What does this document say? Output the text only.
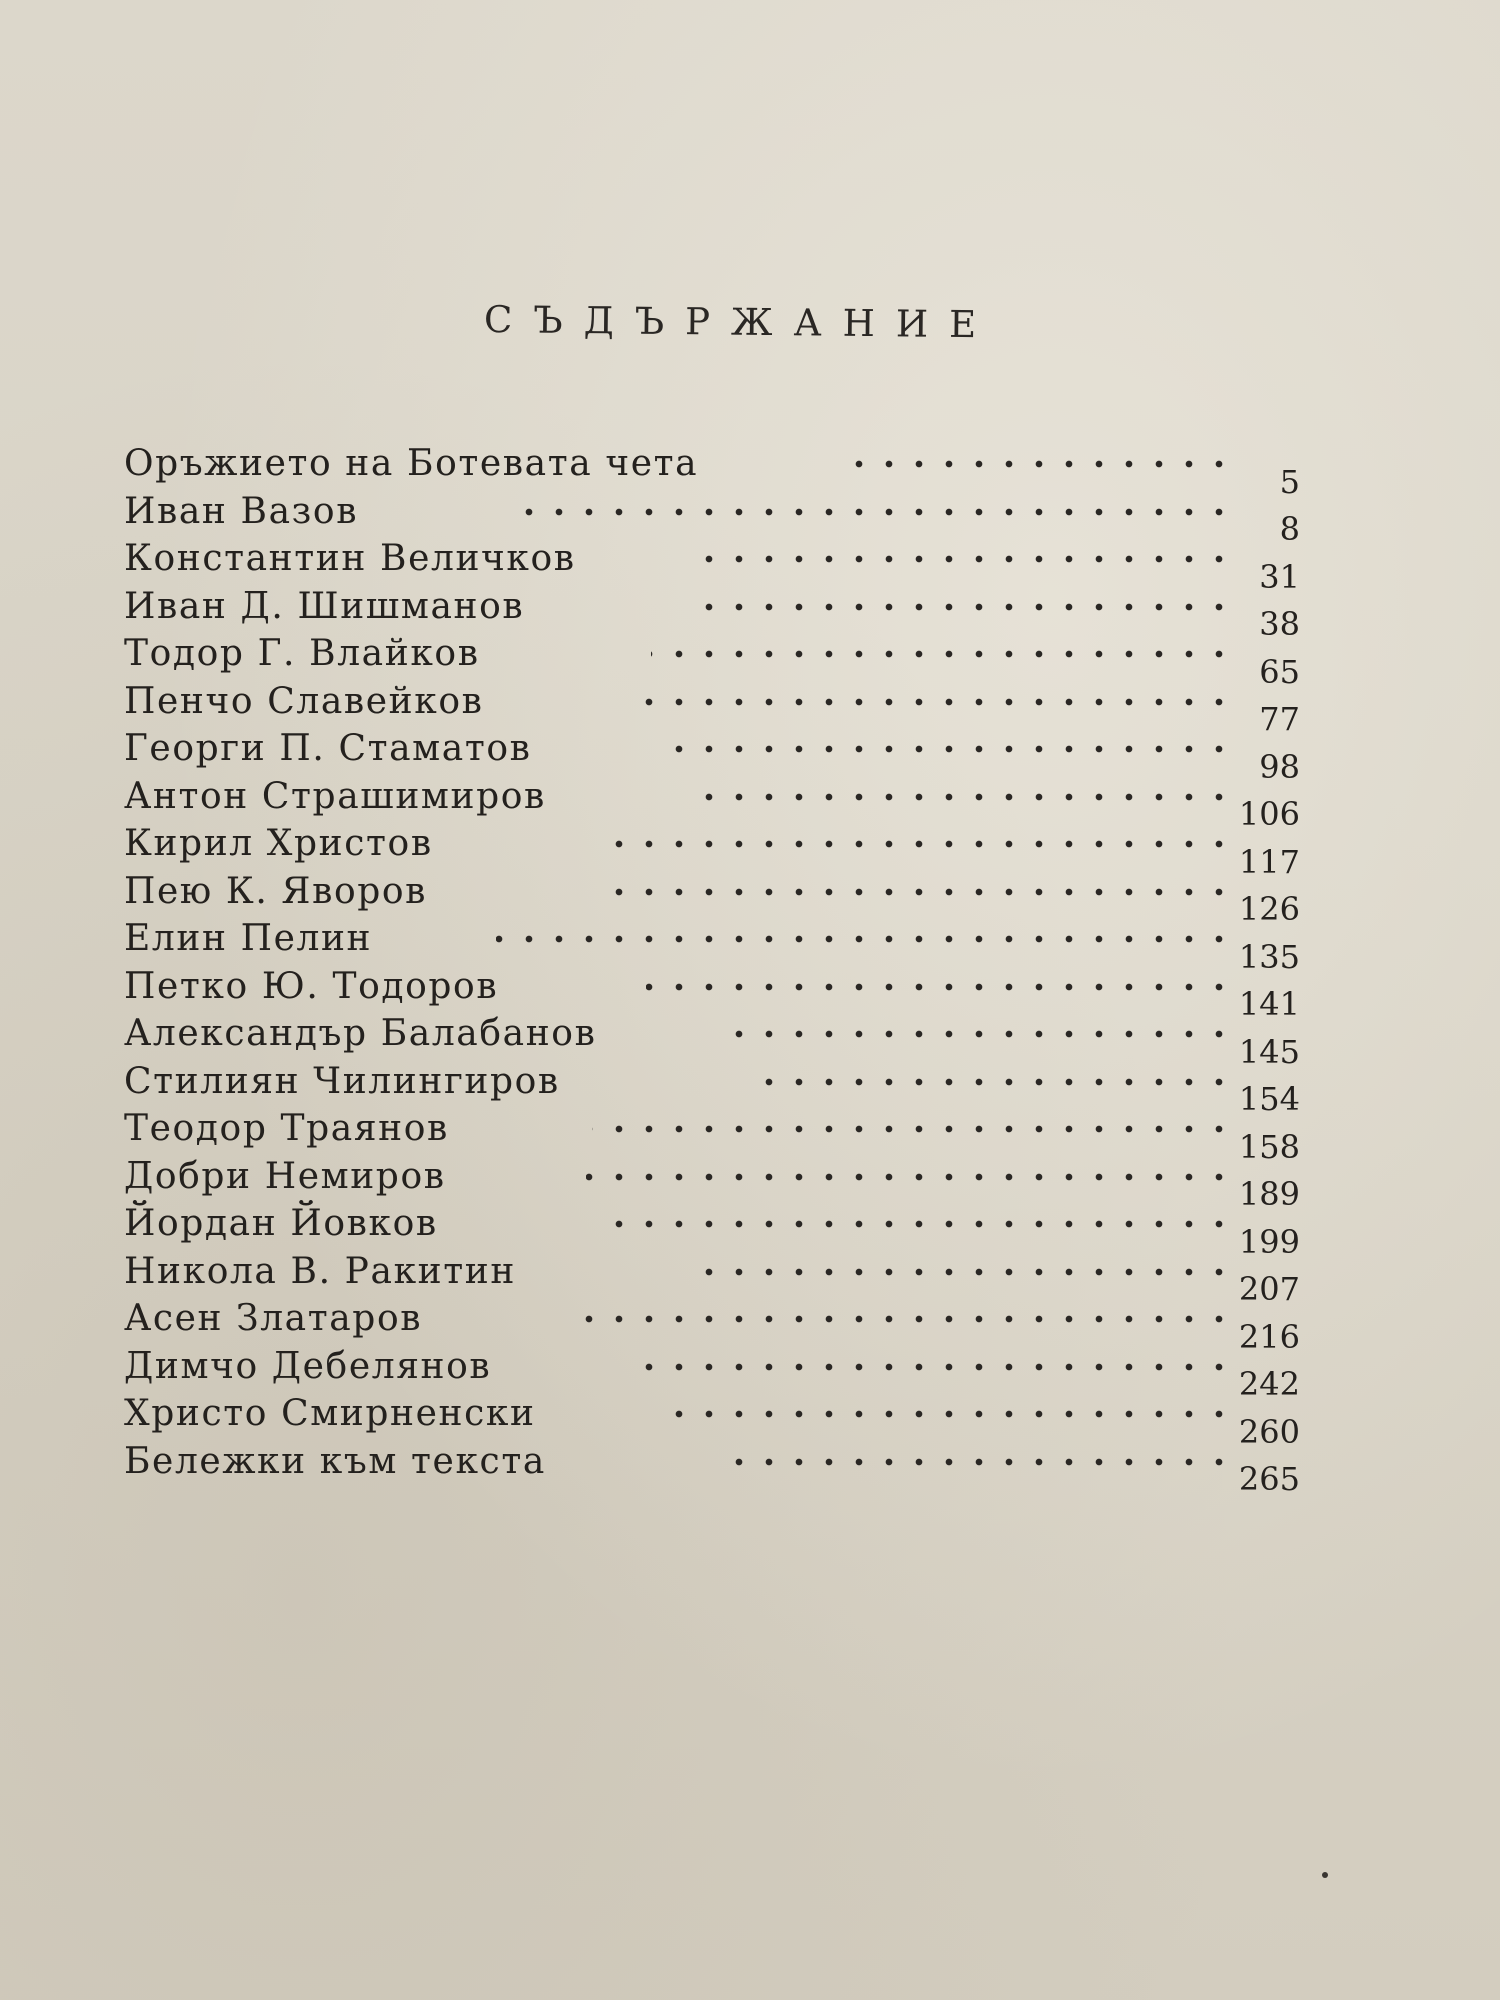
СЪДЪРЖАНИЕ
Оръжието на Ботевата чета
Иван Вазов
5
Константин Величков
8
Иван Д. Шишманов
31
Тодор Г. Влайков
38
Пенчо Славейков
65
Георги П. Стаматов
77
Антон Страшимиров
98
Кирил Христов
106
Пею К. Яворов
117
Елин Пелин
126
Петко Ю. Тодоров
135
Александър Балабанов
141
Стилиян Чилингиров
145
Теодор Траянов
154
Добри Немиров
158
Йордан Йовков
189
Никола В. Ракитин
199
Асен Златаров
207
Димчо Дебелянов
216
Христо Смирненски
242
Бележки към текста
260
265
